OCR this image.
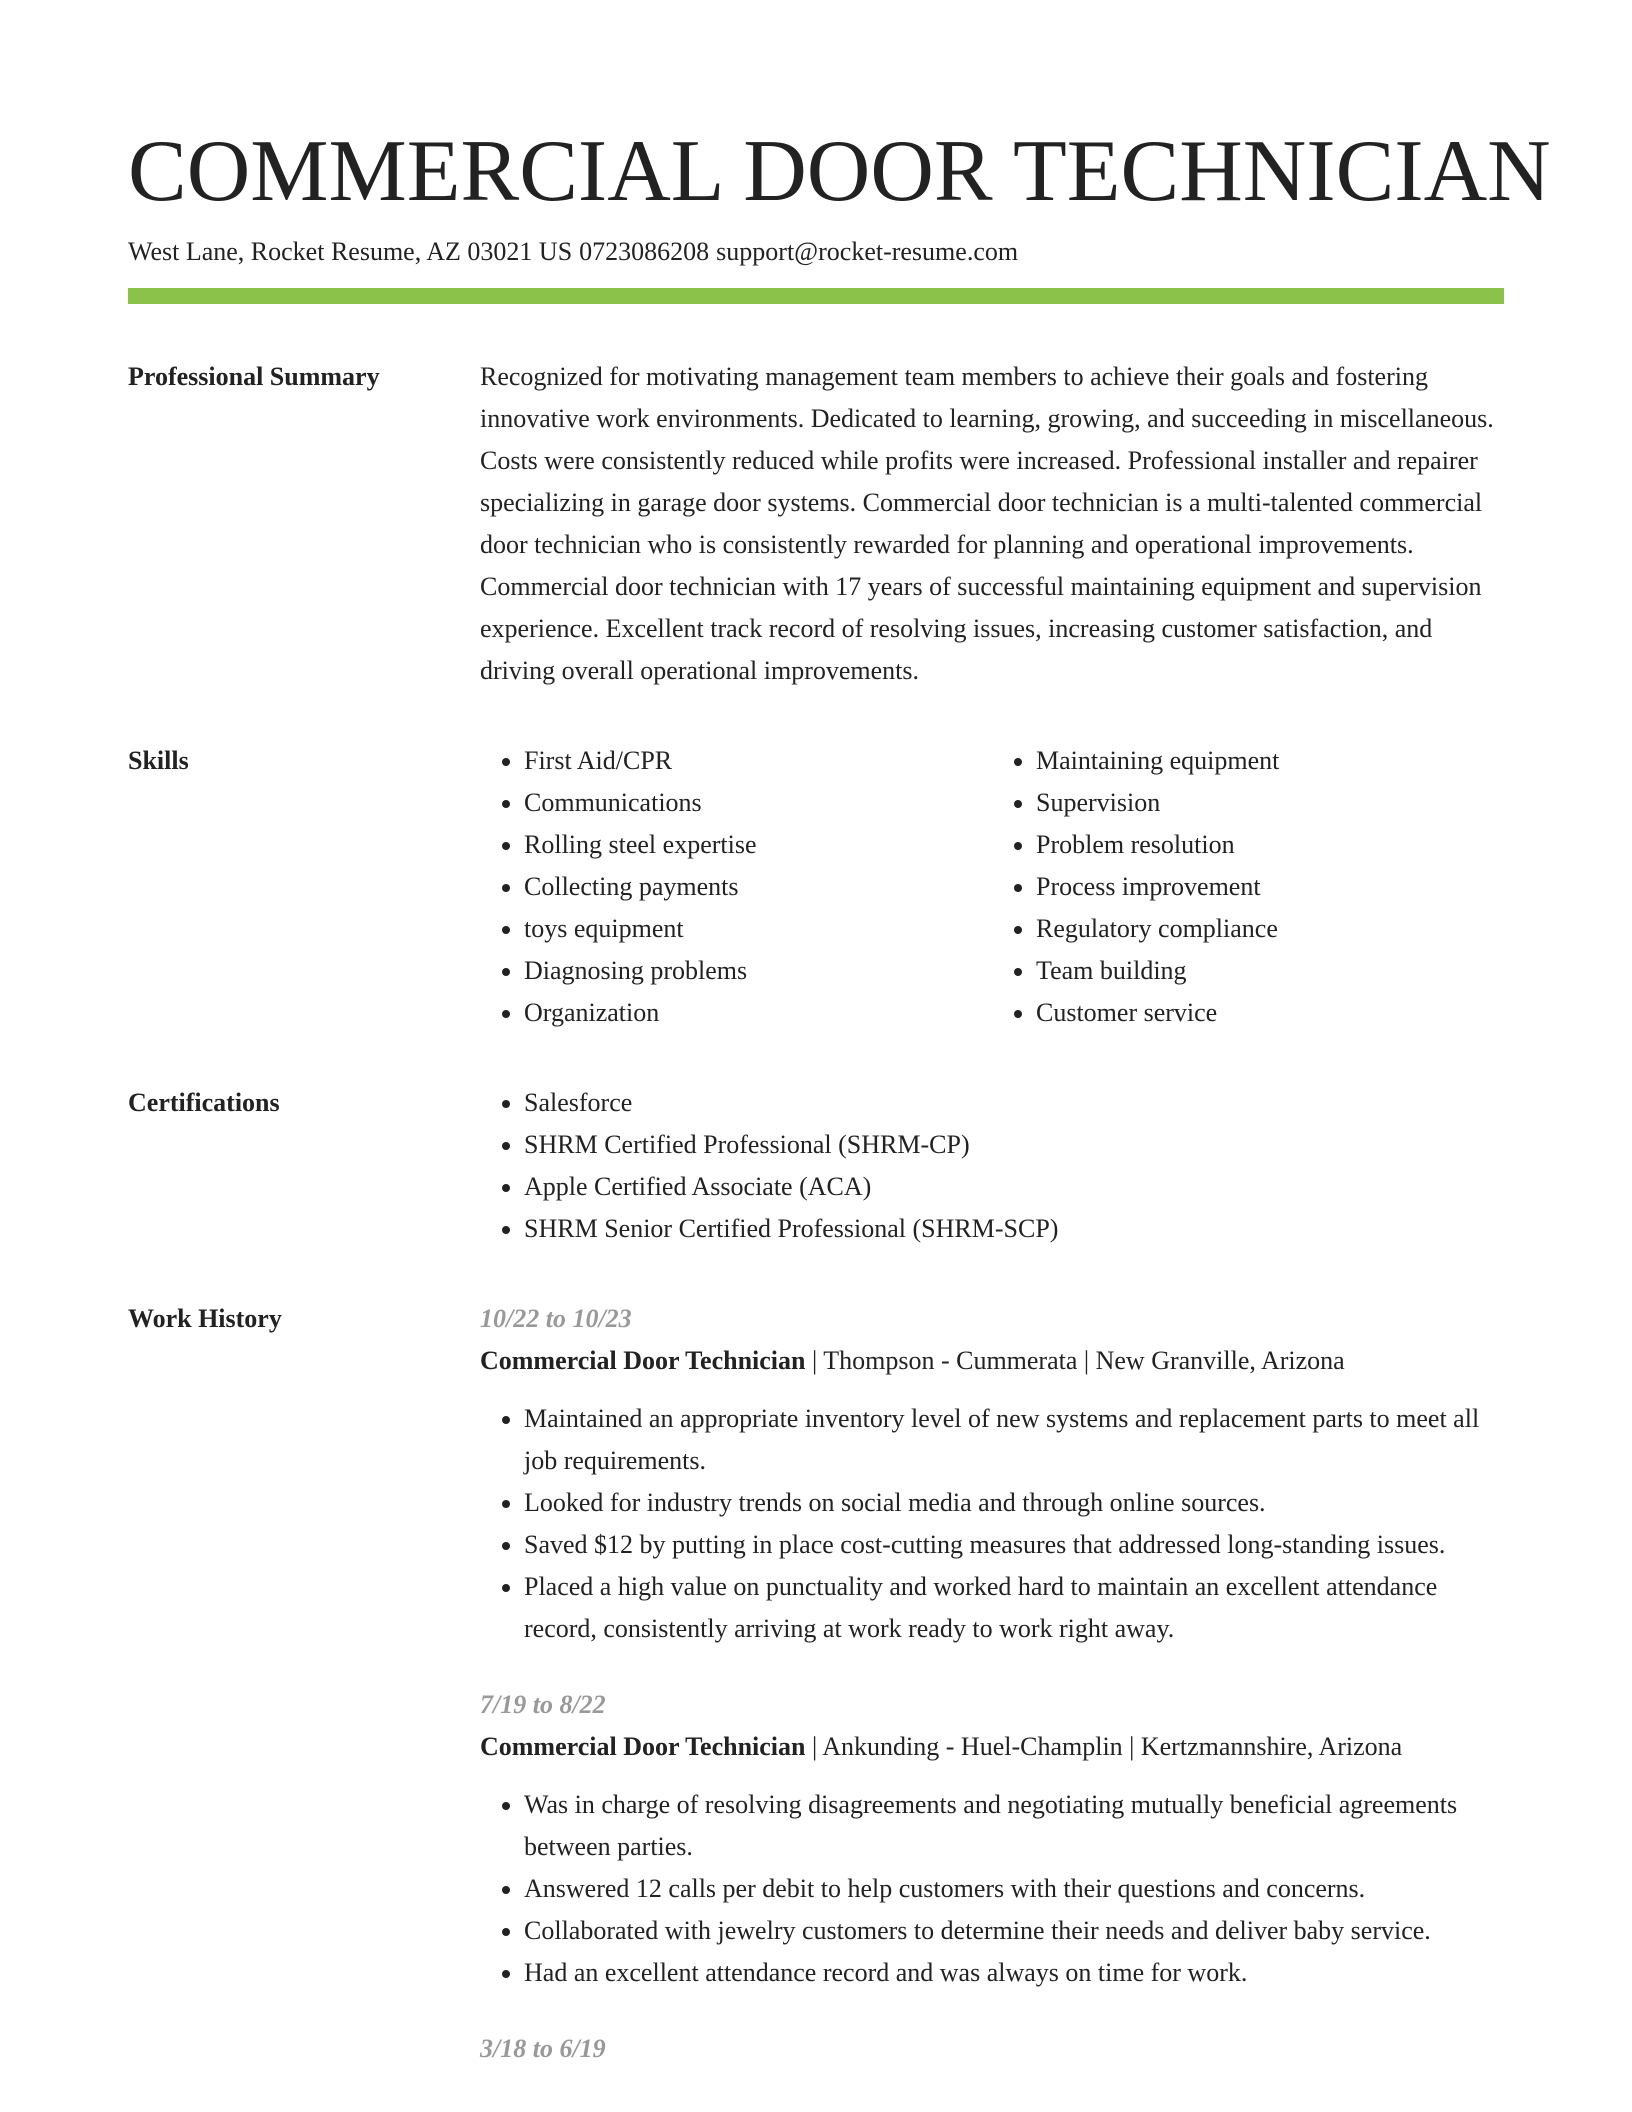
COMMERCIAL DOOR TECHNICIAN
West Lane, Rocket Resume, AZ 03021 US 0723086208 support@rocket-resume.com
Professional Summary	Recognized for motivating management team members to achieve their goals and fostering innovative work environments. Dedicated to learning, growing, and succeeding in miscellaneous. Costs were consistently reduced while profits were increased. Professional installer and repairer specializing in garage door systems. Commercial door technician is a multi-talented commercial door technician who is consistently rewarded for planning and operational improvements. Commercial door technician with 17 years of successful maintaining equipment and supervision experience. Excellent track record of resolving issues, increasing customer satisfaction, and driving overall operational improvements.

Skills	• First Aid/CPR
• Communications
• Rolling steel expertise
• Collecting payments
• toys equipment
• Diagnosing problems
• Organization
• Maintaining equipment
• Supervision
• Problem resolution
• Process improvement
• Regulatory compliance
• Team building
• Customer service
Certifications	• Salesforce
• SHRM Certified Professional (SHRM-CP)
• Apple Certified Associate (ACA)
• SHRM Senior Certified Professional (SHRM-SCP)
Work History	10/22 to 10/23
Commercial Door Technician | Thompson - Cummerata | New Granville, Arizona
• Maintained an appropriate inventory level of new systems and replacement parts to meet all job requirements.
• Looked for industry trends on social media and through online sources.
• Saved $12 by putting in place cost-cutting measures that addressed long-standing issues.
• Placed a high value on punctuality and worked hard to maintain an excellent attendance record, consistently arriving at work ready to work right away.
7/19 to 8/22
Commercial Door Technician | Ankunding - Huel-Champlin | Kertzmannshire, Arizona
• Was in charge of resolving disagreements and negotiating mutually beneficial agreements between parties.
• Answered 12 calls per debit to help customers with their questions and concerns.
• Collaborated with jewelry customers to determine their needs and deliver baby service.
• Had an excellent attendance record and was always on time for work.
3/18 to 6/19
